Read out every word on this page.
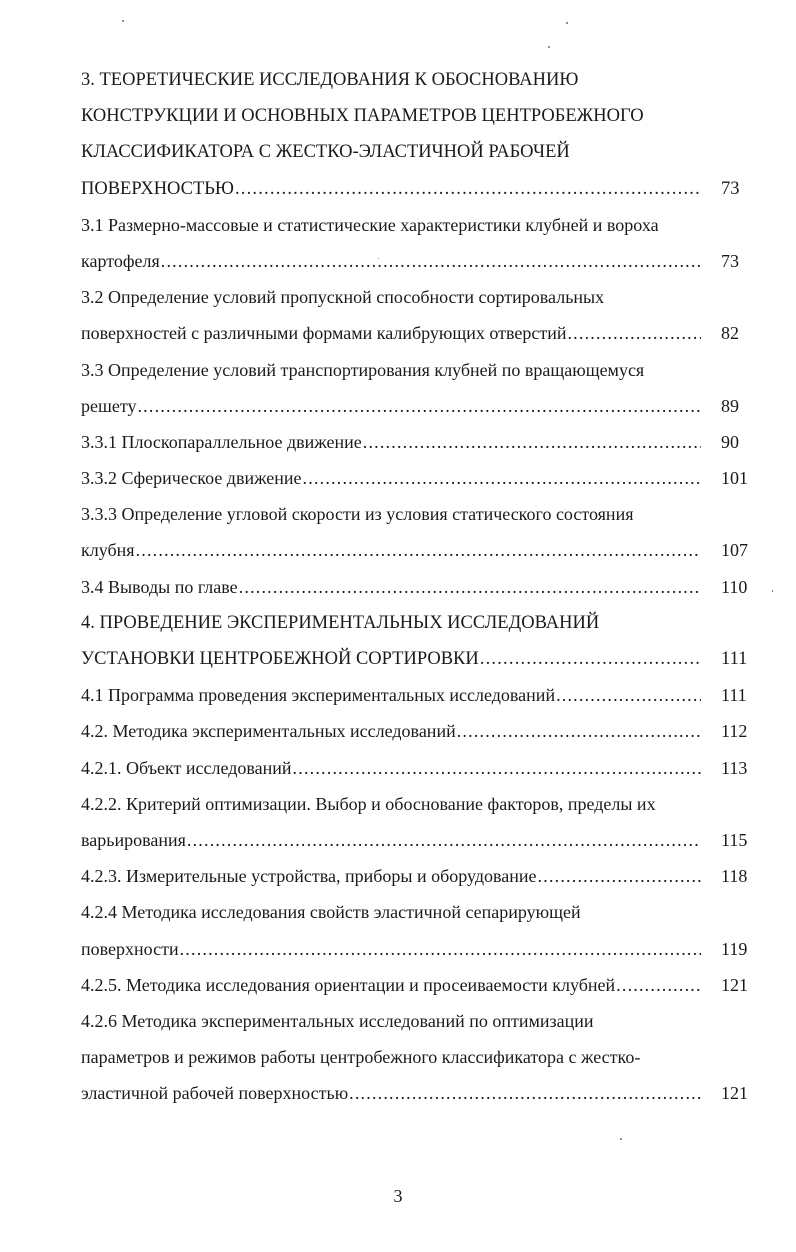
3. ТЕОРЕТИЧЕСКИЕ ИССЛЕДОВАНИЯ К ОБОСНОВАНИЮ
КОНСТРУКЦИИ И ОСНОВНЫХ ПАРАМЕТРОВ ЦЕНТРОБЕЖНОГО
КЛАССИФИКАТОРА С ЖЕСТКО-ЭЛАСТИЧНОЙ РАБОЧЕЙ
ПОВЕРХНОСТЬЮ .....	73
3.1 Размерно-массовые и статистические характеристики клубней и вороха
картофеля .....	73
3.2 Определение условий пропускной способности сортировальных
поверхностей с различными формами калибрующих отверстий .....	82
3.3 Определение условий транспортирования клубней по вращающемуся
решету .....	89
3.3.1 Плоскопараллельное движение .....	90
3.3.2 Сферическое движение .....	101
3.3.3 Определение угловой скорости из условия статического состояния
клубня .....	107
3.4 Выводы по главе .....	110
4. ПРОВЕДЕНИЕ ЭКСПЕРИМЕНТАЛЬНЫХ ИССЛЕДОВАНИЙ
УСТАНОВКИ ЦЕНТРОБЕЖНОЙ СОРТИРОВКИ .....	111
4.1 Программа проведения экспериментальных исследований .....	111
4.2. Методика экспериментальных исследований .....	112
4.2.1. Объект исследований .....	113
4.2.2. Критерий оптимизации. Выбор и обоснование факторов, пределы их
варьирования .....	115
4.2.3. Измерительные устройства, приборы и оборудование .....	118
4.2.4 Методика исследования свойств эластичной сепарирующей
поверхности .....	119
4.2.5. Методика исследования ориентации и просеиваемости клубней .....	121
4.2.6 Методика экспериментальных исследований по оптимизации
параметров и режимов работы центробежного классификатора с жестко-
эластичной рабочей поверхностью .....	121
3
